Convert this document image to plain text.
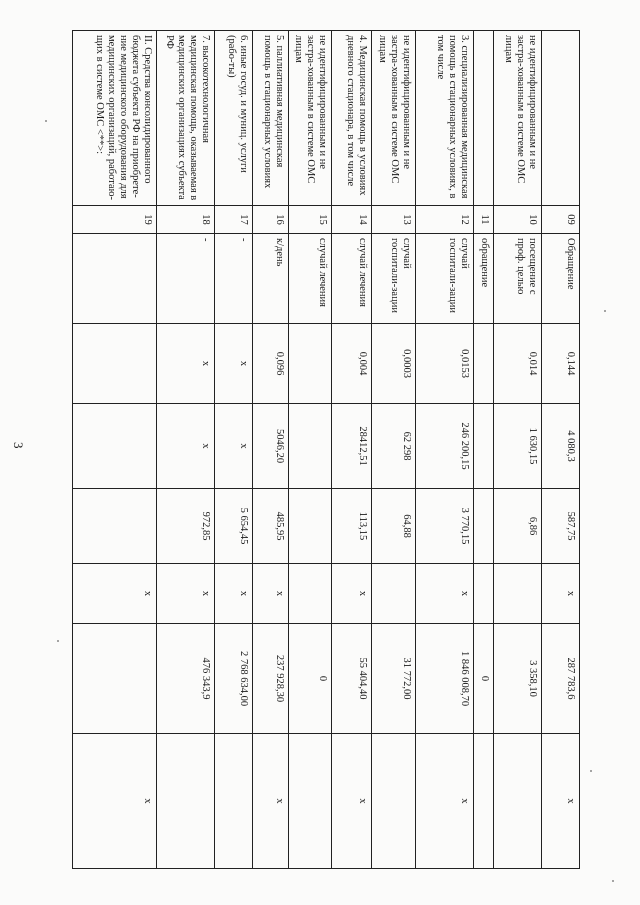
3
	09	Обращение	0,144	4 080,3	587,75	x	287 783,6	x
не идентифицированным и не застра-хованным в системе ОМС лицам	10	посещение с проф. целью	0,014	1 630,15	6,86		3 358,10	
	11	обращение					0	
3. специализированная медицинская помощь в стационарных условиях, в том числе	12	случай госпитали-зации	0,0153	246 200,15	3 770,15	x	1 846 008,70	x
не идентифицированным и не застра-хованным в системе ОМС лицам	13	случай госпитали-зации	0,0003	62 298	64,88		31 772,00	
4. Медицинская помощь в условиях дневного стационара, в том числе	14	случай лечения	0,004	28412,51	113,15	x	55 404,40	x
не идентифицированным и не застра-хованным в системе ОМС лицам	15	случай лечения					0	
5. паллиативная медицинская помощь в стационарных условиях	16	к/день	0,096	5046,20	485,95	x	237 928,30	x
6. иные госуд. и муниц. услуги (рабо-ты)	17	-	x	x	5 654,45	x	2 768 634,00	
7. высокотехнологичная медицинская помощь, оказываемая в медицинских организациях субъекта РФ	18	-	x	x	972,85	x	476 343,9	
II. Средства консолидированного бюджета субъекта РФ на приобрете-ние медицинского оборудования для медицинских организаций, работаю-щих в системе ОМС <**>:	19					x		x
